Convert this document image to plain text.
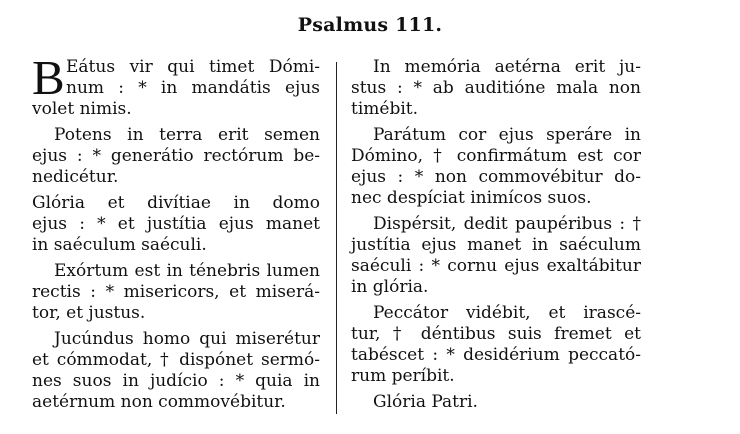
Psalmus 111.
B Eátus vir qui timet Dómi-
num : * in mandátis ejus
volet nimis.
Potens in terra erit semen
ejus : * generátio rectórum be-
nedicétur.
Glória et divítiae in domo
ejus : * et justítia ejus manet
in saéculum saéculi.
Exórtum est in ténebris lumen
rectis : * misericors, et miserá-
tor, et justus.
Jucúndus homo qui miserétur
et cómmodat, † dispónet sermó-
nes suos in judício : * quia in
aetérnum non commovébitur.
In memória aetérna erit ju-
stus : * ab auditióne mala non
timébit.
Parátum cor ejus speráre in
Dómino, † confirmátum est cor
ejus : * non commovébitur do-
nec despíciat inimícos suos.
Dispérsit, dedit paupéribus : †
justítia ejus manet in saéculum
saéculi : * cornu ejus exaltábitur
in glória.
Peccátor vidébit, et irascé-
tur, † déntibus suis fremet et
tabéscet : * desidérium peccató-
rum períbit.
Glória Patri.
